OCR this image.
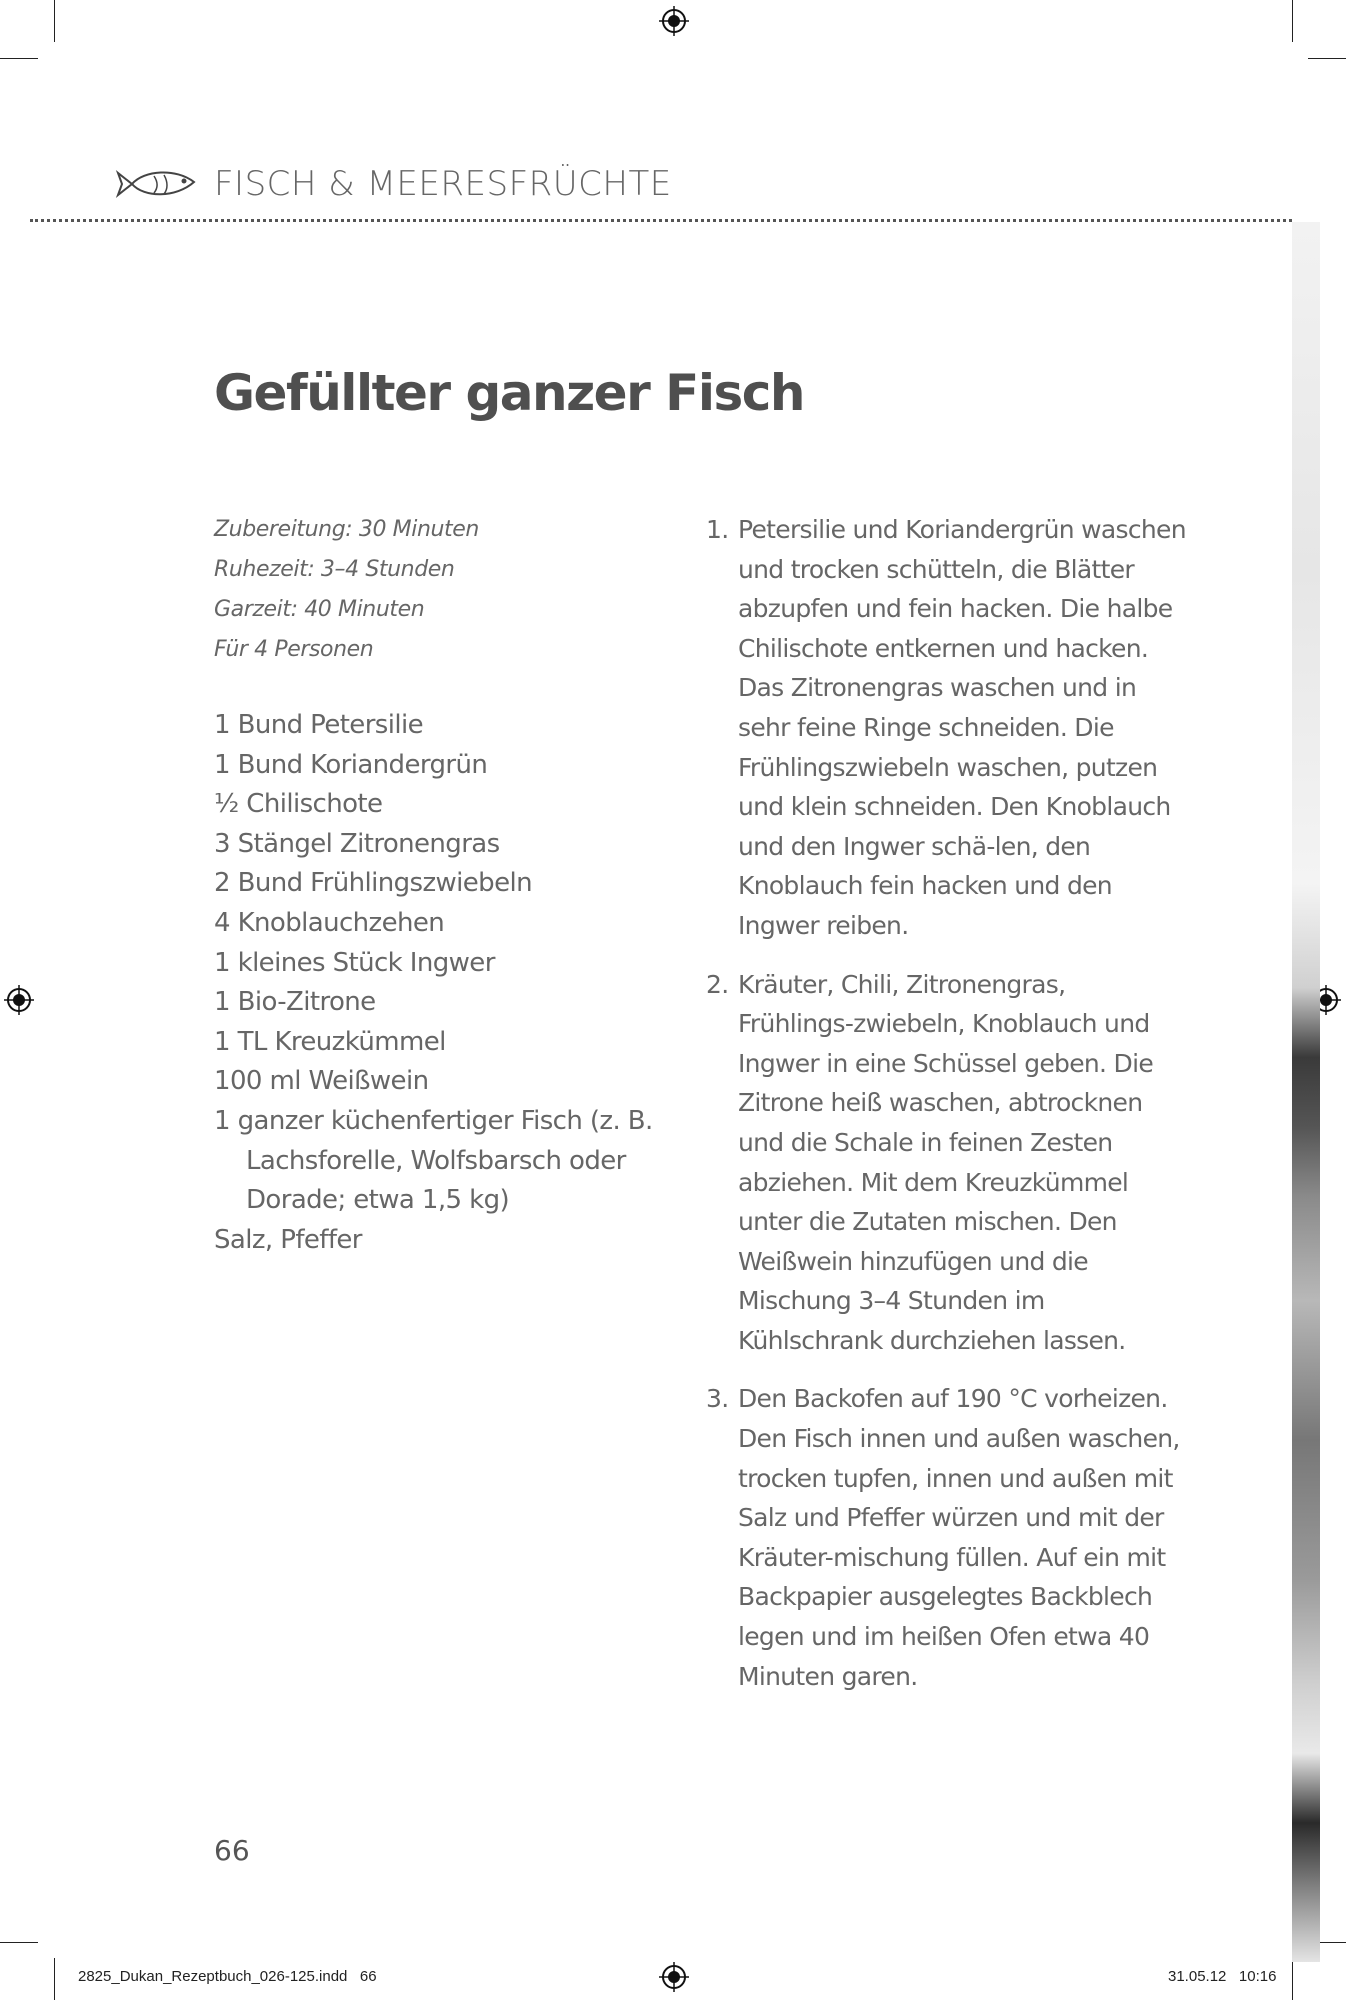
FISCH & MEERESFRÜCHTE
Gefüllter ganzer Fisch
Zubereitung: 30 Minuten
Ruhezeit: 3–4 Stunden
Garzeit: 40 Minuten
Für 4 Personen
1 Bund Petersilie
1 Bund Koriandergrün
½ Chilischote
3 Stängel Zitronengras
2 Bund Frühlingszwiebeln
4 Knoblauchzehen
1 kleines Stück Ingwer
1 Bio-Zitrone
1 TL Kreuzkümmel
100 ml Weißwein
1 ganzer küchenfertiger Fisch (z. B. Lachsforelle, Wolfsbarsch oder Dorade; etwa 1,5 kg)
Salz, Pfeffer
1. Petersilie und Koriandergrün waschen und trocken schütteln, die Blätter abzupfen und fein hacken. Die halbe Chilischote entkernen und hacken. Das Zitronengras waschen und in sehr feine Ringe schneiden. Die Frühlingszwiebeln waschen, putzen und klein schneiden. Den Knoblauch und den Ingwer schä-len, den Knoblauch fein hacken und den Ingwer reiben.
2. Kräuter, Chili, Zitronengras, Frühlings-zwiebeln, Knoblauch und Ingwer in eine Schüssel geben. Die Zitrone heiß waschen, abtrocknen und die Schale in feinen Zesten abziehen. Mit dem Kreuzkümmel unter die Zutaten mischen. Den Weißwein hinzufügen und die Mischung 3–4 Stunden im Kühlschrank durchziehen lassen.
3. Den Backofen auf 190 °C vorheizen. Den Fisch innen und außen waschen, trocken tupfen, innen und außen mit Salz und Pfeffer würzen und mit der Kräuter-mischung füllen. Auf ein mit Backpapier ausgelegtes Backblech legen und im heißen Ofen etwa 40 Minuten garen.
66
2825_Dukan_Rezeptbuch_026-125.indd   66	31.05.12   10:16
